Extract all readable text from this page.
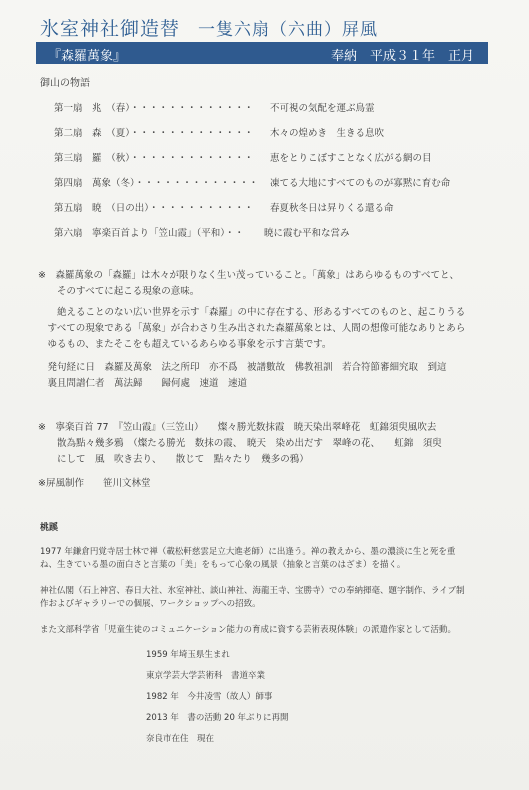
氷室神社御造替 一隻六扇（六曲）屏風
『森羅萬象』	奉納　平成３１年　正月
御山の物語
第一扇　兆　（春）・・・・・・・・・・・・・ 不可視の気配を運ぶ鳥霊
第二扇　森　（夏）・・・・・・・・・・・・・ 木々の煌めき　生きる息吹
第三扇　羅　（秋）・・・・・・・・・・・・・ 恵をとりこぼすことなく広がる網の目
第四扇　萬象（冬）・・・・・・・・・・・・・ 凍てる大地にすべてのものが寡黙に育む命
第五扇　暁　（日の出）・・・・・・・・・・・ 春夏秋冬日は昇りくる還る命
第六扇　寧楽百首より「笠山霞」（平和）・・ 暁に霞む平和な営み
※　森羅萬象の「森羅」は木々が限りなく生い茂っていること。「萬象」はあらゆるものすべてと、
　　そのすべてに起こる現象の意味。
　　絶えることのない広い世界を示す「森羅」の中に存在する、形あるすべてのものと、起こりうる
　すべての現象である「萬象」が合わさり生み出された森羅萬象とは、人間の想像可能なありとあら
　ゆるもの、またそこをも超えているあらゆる事象を示す言葉です。
　発句経に日　森羅及萬象　法之所印　亦不爲　被譜數故　佛教祖訓　若合符節審細究取　到這
　裏且問譜仁者　萬法歸　　歸何處　速道　速道
※　寧楽百首 77　『笠山霞』（三笠山）　　燦々勝光数抹霞　暁天染出翠峰花　虹錦須臾風吹去
　　散為點々幾多鴉　（燦たる勝光　数抹の霞、　暁天　染め出だす　翠峰の花、　　虹錦　須臾
　　にして　風　吹き去り、　　散じて　點々たり　幾多の鴉）
※屏風制作　　笹川文林堂
桃蹊
1977 年鎌倉円覚寺居士林で禅（載松軒慈雲足立大進老師）に出逢う。禅の教えから、墨の濃淡に生と死を重
ね、生きている墨の面白さと言葉の「美」をもって心象の風景（抽象と言葉のはざま）を描く。
神社仏閣（石上神宮、春日大社、氷室神社、談山神社、海龍王寺、宝勝寺）での奉納揮毫、題字制作、ライブ制
作およびギャラリーでの個展、ワークショップへの招致。
また文部科学省「児童生徒のコミュニケーション能力の育成に資する芸術表現体験」の派遣作家として活動。
1959 年埼玉県生まれ
東京学芸大学芸術科　書道卒業
1982 年　今井凌雪（故人）師事
2013 年　書の活動 20 年ぶりに再開
奈良市在住　現在
